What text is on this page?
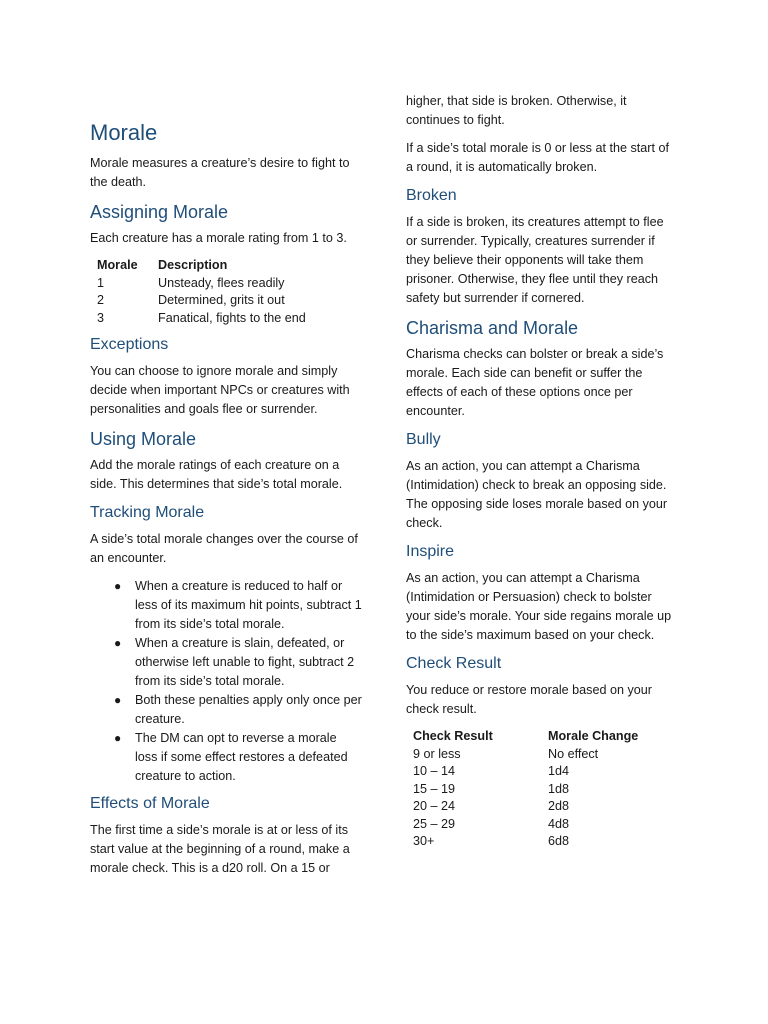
Morale

Morale measures a creature’s desire to fight to the death.

Assigning Morale

Each creature has a morale rating from 1 to 3.

Morale	Description
1	Unsteady, flees readily
2	Determined, grits it out
3	Fanatical, fights to the end
Exceptions

You can choose to ignore morale and simply decide when important NPCs or creatures with personalities and goals flee or surrender.

Using Morale

Add the morale ratings of each creature on a side. This determines that side’s total morale.

Tracking Morale

A side’s total morale changes over the course of an encounter.

● When a creature is reduced to half or less of its maximum hit points, subtract 1 from its side’s total morale.
● When a creature is slain, defeated, or otherwise left unable to fight, subtract 2 from its side’s total morale.
● Both these penalties apply only once per creature.
● The DM can opt to reverse a morale loss if some effect restores a defeated creature to action.
Effects of Morale

The first time a side’s morale is at or less of its start value at the beginning of a round, make a morale check. This is a d20 roll. On a 15 or

higher, that side is broken. Otherwise, it continues to fight.

If a side’s total morale is 0 or less at the start of a round, it is automatically broken.

Broken

If a side is broken, its creatures attempt to flee or surrender. Typically, creatures surrender if they believe their opponents will take them prisoner. Otherwise, they flee until they reach safety but surrender if cornered.

Charisma and Morale

Charisma checks can bolster or break a side’s morale. Each side can benefit or suffer the effects of each of these options once per encounter.

Bully

As an action, you can attempt a Charisma (Intimidation) check to break an opposing side. The opposing side loses morale based on your check.

Inspire

As an action, you can attempt a Charisma (Intimidation or Persuasion) check to bolster your side’s morale. Your side regains morale up to the side’s maximum based on your check.

Check Result

You reduce or restore morale based on your check result.

Check Result	Morale Change
9 or less	No effect
10 – 14	1d4
15 – 19	1d8
20 – 24	2d8
25 – 29	4d8
30+	6d8
